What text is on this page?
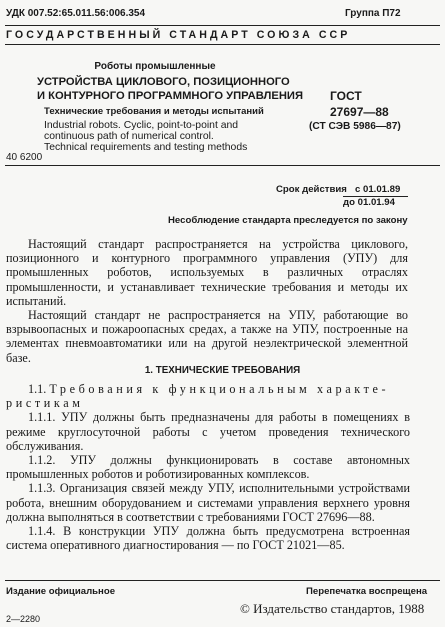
УДК 007.52:65.011.56:006.354	Группа П72
ГОСУДАРСТВЕННЫЙ СТАНДАРТ СОЮЗА ССР
Роботы промышленные
УСТРОЙСТВА ЦИКЛОВОГО, ПОЗИЦИОННОГО
И КОНТУРНОГО ПРОГРАММНОГО УПРАВЛЕНИЯ
Технические требования и методы испытаний
Industrial robots. Cyclic, point-to-point and
continuous path of numerical control.
Technical requirements and testing methods
ГОСТ
27697—88
(СТ СЭВ 5986—87)
40 6200
Срок действия с 01.01.89
до 01.01.94
Несоблюдение стандарта преследуется по закону

Настоящий стандарт распространяется на устройства циклового, позиционного и контурного программного управления (УПУ) для промышленных роботов, используемых в различных отраслях промышленности, и устанавливает технические требования и методы их испытаний.

Настоящий стандарт не распространяется на УПУ, работающие во взрывоопасных и пожароопасных средах, а также на УПУ, построенные на элементах пневмоавтоматики или на другой неэлектрической элементной базе.

1. ТЕХНИЧЕСКИЕ ТРЕБОВАНИЯ

1.1. Требования к функциональным характе-

ристикам

1.1.1. УПУ должны быть предназначены для работы в помещениях в режиме круглосуточной работы с учетом проведения технического обслуживания.

1.1.2. УПУ должны функционировать в составе автономных промышленных роботов и роботизированных комплексов.

1.1.3. Организация связей между УПУ, исполнительными устройствами робота, внешним оборудованием и системами управления верхнего уровня должна выполняться в соответствии с требованиями ГОСТ 27696—88.

1.1.4. В конструкции УПУ должна быть предусмотрена встроенная система оперативного диагностирования — по ГОСТ 21021—85.

Издание официальное	Перепечатка воспрещена
© Издательство стандартов, 1988
2—2280
